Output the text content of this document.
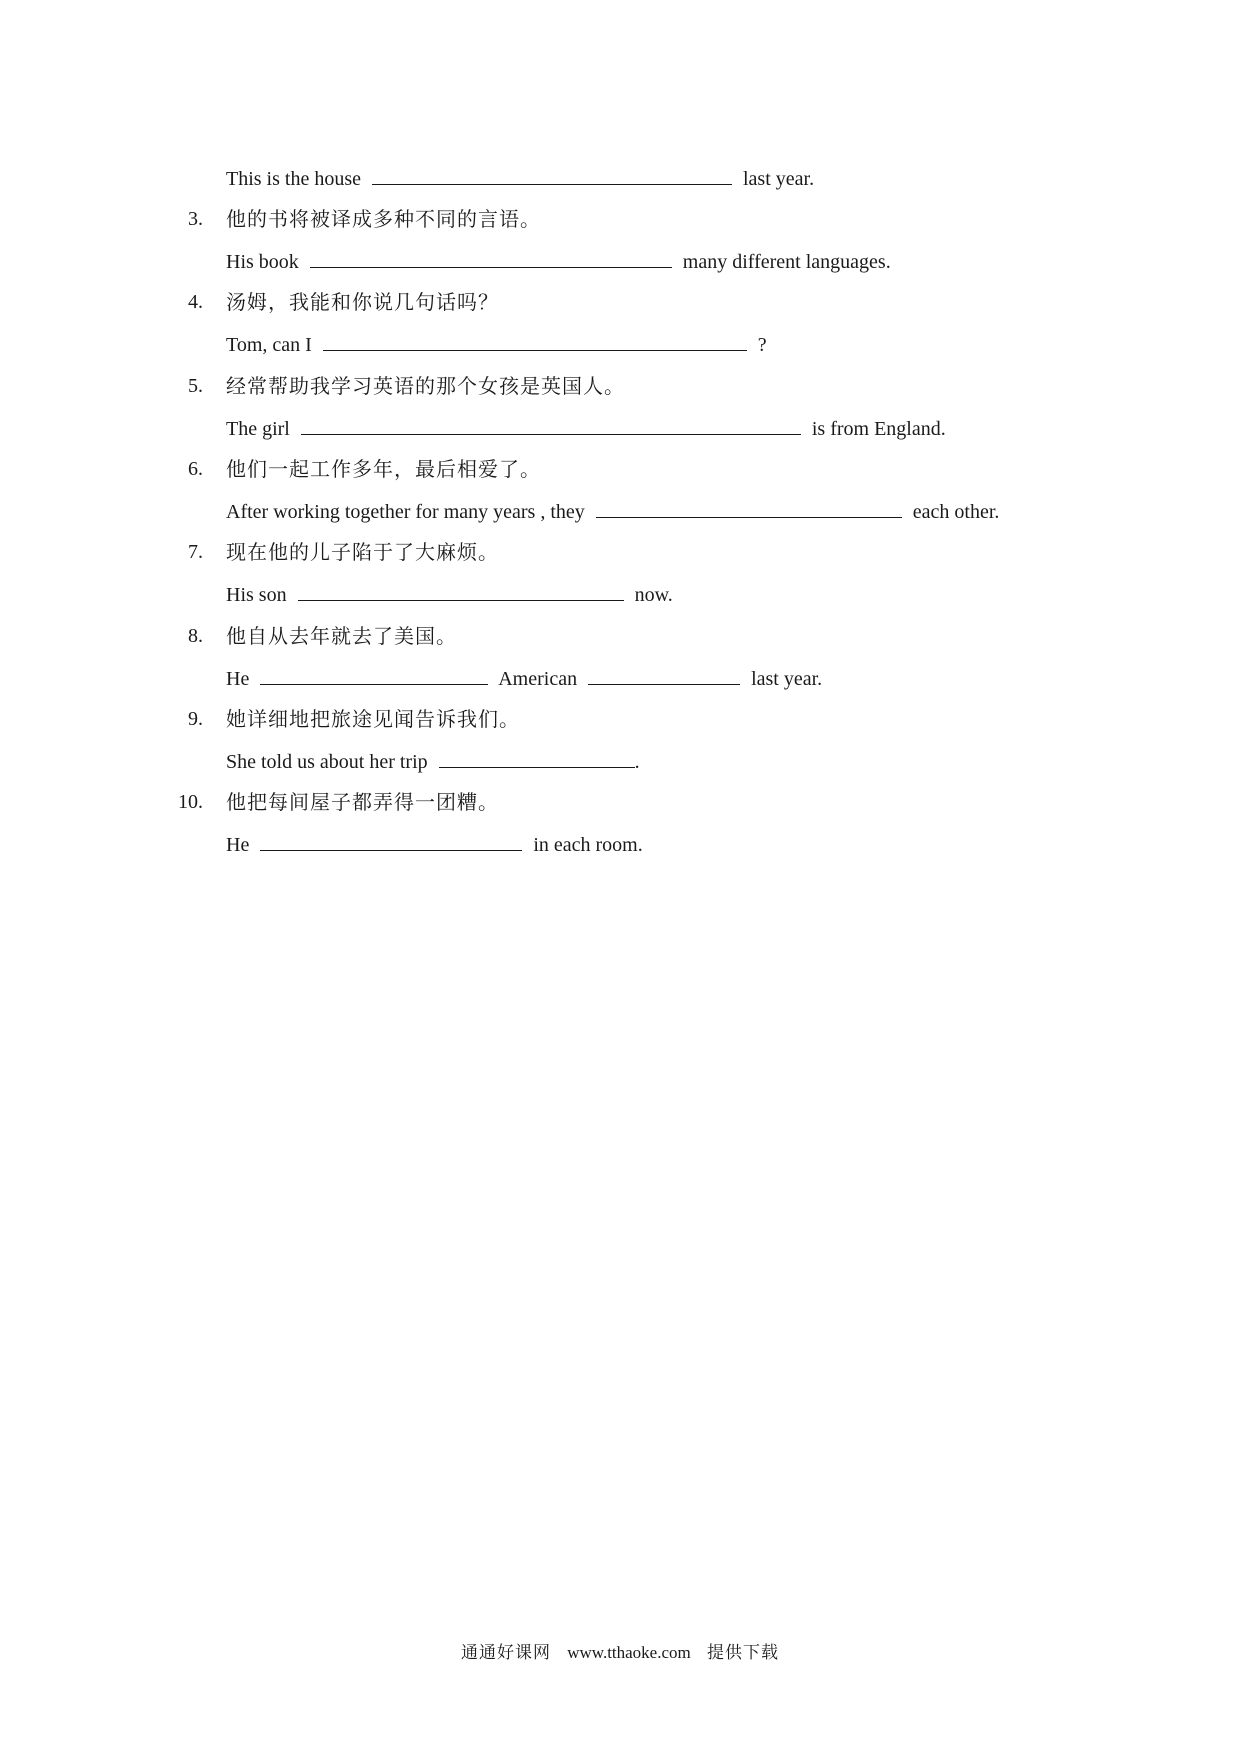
This is the house	last year.
3. 他的书将被译成多种不同的言语。
His book	many different languages.
4. 汤姆，我能和你说几句话吗？
Tom, can I	?
5. 经常帮助我学习英语的那个女孩是英国人。
The girl	is from England.
6. 他们一起工作多年，最后相爱了。
After working together for many years , they	each other.
7. 现在他的儿子陷于了大麻烦。
His son	now.
8. 他自从去年就去了美国。
He	American	last year.
9. 她详细地把旅途见闻告诉我们。
She told us about her trip	.
10. 他把每间屋子都弄得一团糟。
He	in each room.
通通好课网 www.tthaoke.com 提供下载
